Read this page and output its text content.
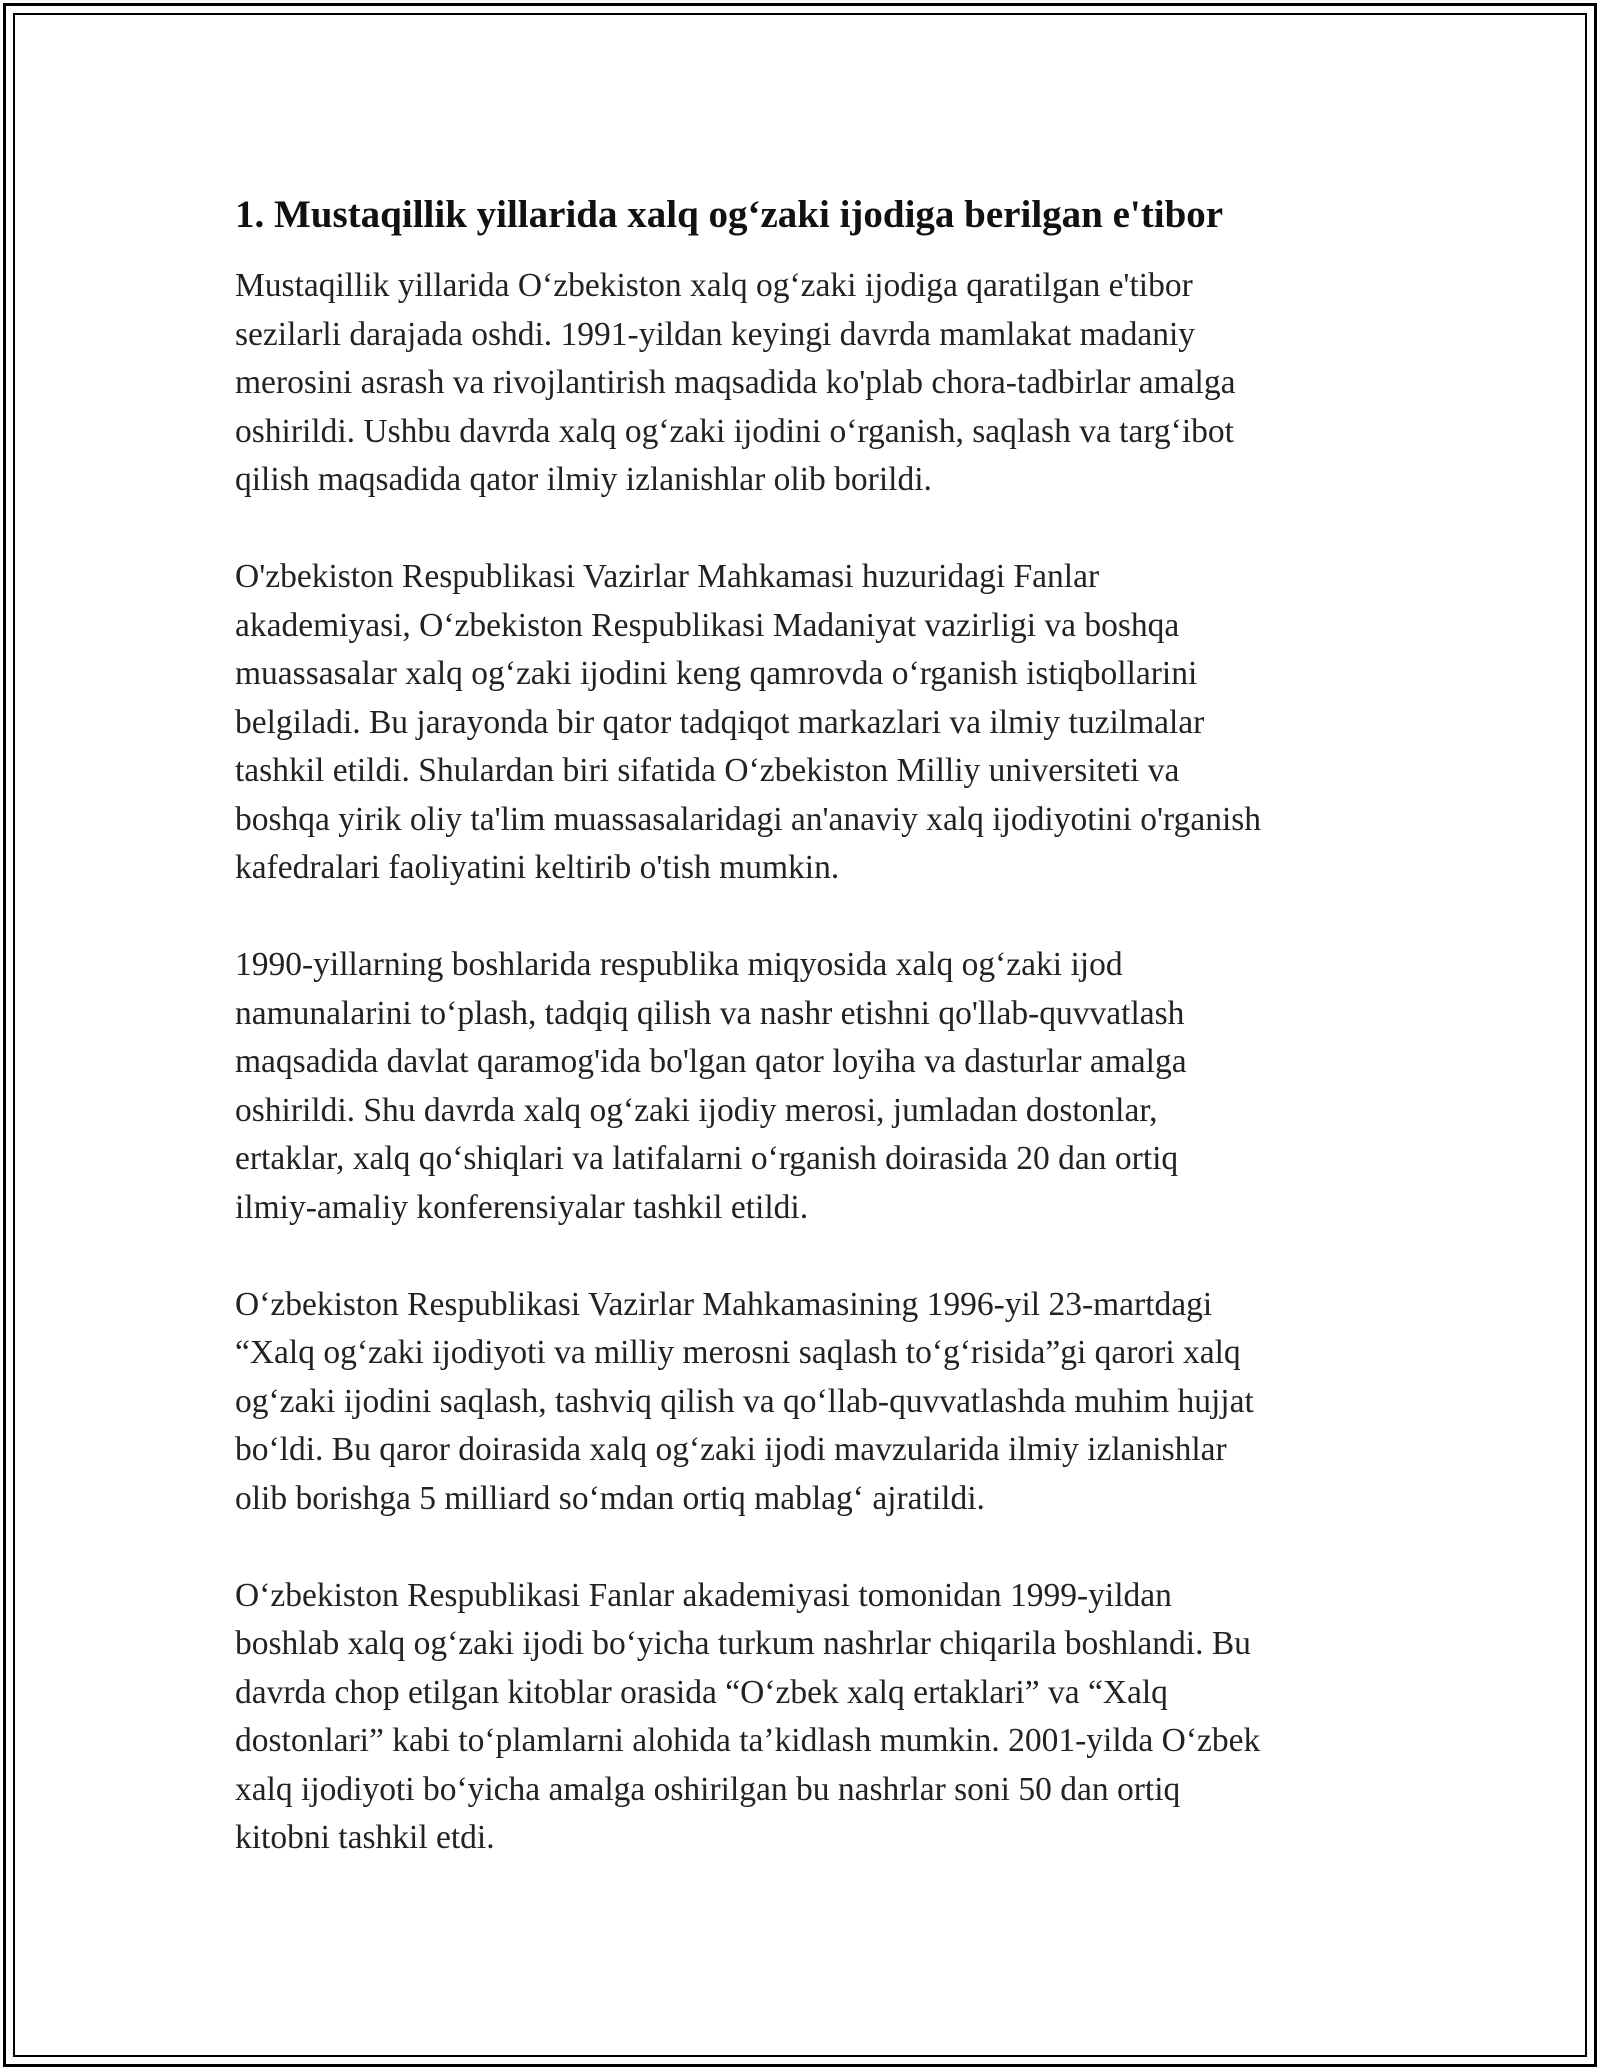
1. Mustaqillik yillarida xalq og‘zaki ijodiga berilgan e'tibor
Mustaqillik yillarida O‘zbekiston xalq og‘zaki ijodiga qaratilgan e'tibor
sezilarli darajada oshdi. 1991-yildan keyingi davrda mamlakat madaniy
merosini asrash va rivojlantirish maqsadida ko'plab chora-tadbirlar amalga
oshirildi. Ushbu davrda xalq og‘zaki ijodini o‘rganish, saqlash va targ‘ibot
qilish maqsadida qator ilmiy izlanishlar olib borildi.
O'zbekiston Respublikasi Vazirlar Mahkamasi huzuridagi Fanlar
akademiyasi, O‘zbekiston Respublikasi Madaniyat vazirligi va boshqa
muassasalar xalq og‘zaki ijodini keng qamrovda o‘rganish istiqbollarini
belgiladi. Bu jarayonda bir qator tadqiqot markazlari va ilmiy tuzilmalar
tashkil etildi. Shulardan biri sifatida O‘zbekiston Milliy universiteti va
boshqa yirik oliy ta'lim muassasalaridagi an'anaviy xalq ijodiyotini o'rganish
kafedralari faoliyatini keltirib o'tish mumkin.
1990-yillarning boshlarida respublika miqyosida xalq og‘zaki ijod
namunalarini to‘plash, tadqiq qilish va nashr etishni qo'llab-quvvatlash
maqsadida davlat qaramog'ida bo'lgan qator loyiha va dasturlar amalga
oshirildi. Shu davrda xalq og‘zaki ijodiy merosi, jumladan dostonlar,
ertaklar, xalq qo‘shiqlari va latifalarni o‘rganish doirasida 20 dan ortiq
ilmiy-amaliy konferensiyalar tashkil etildi.
O‘zbekiston Respublikasi Vazirlar Mahkamasining 1996-yil 23-martdagi
“Xalq og‘zaki ijodiyoti va milliy merosni saqlash to‘g‘risida”gi qarori xalq
og‘zaki ijodini saqlash, tashviq qilish va qo‘llab-quvvatlashda muhim hujjat
bo‘ldi. Bu qaror doirasida xalq og‘zaki ijodi mavzularida ilmiy izlanishlar
olib borishga 5 milliard so‘mdan ortiq mablag‘ ajratildi.
O‘zbekiston Respublikasi Fanlar akademiyasi tomonidan 1999-yildan
boshlab xalq og‘zaki ijodi bo‘yicha turkum nashrlar chiqarila boshlandi. Bu
davrda chop etilgan kitoblar orasida “O‘zbek xalq ertaklari” va “Xalq
dostonlari” kabi to‘plamlarni alohida ta’kidlash mumkin. 2001-yilda O‘zbek
xalq ijodiyoti bo‘yicha amalga oshirilgan bu nashrlar soni 50 dan ortiq
kitobni tashkil etdi.
